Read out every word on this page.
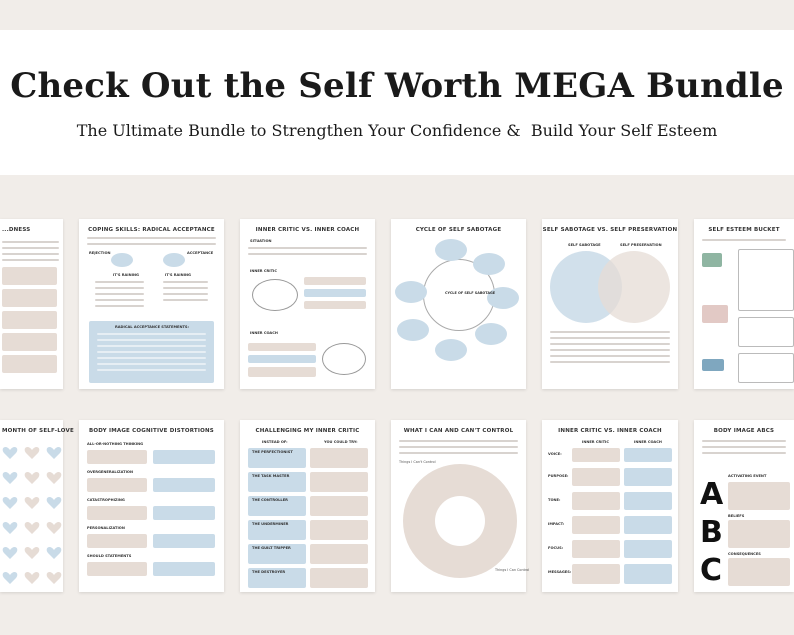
Check Out the Self Worth MEGA Bundle
The Ultimate Bundle to Strengthen Your Confidence &  Build Your Self Esteem
...DNESS	COPING SKILLS: RADICAL ACCEPTANCE
REJECTION	ACCEPTANCE
IT'S RAINING	IT'S RAINING
RADICAL ACCEPTANCE STATEMENTS:
INNER CRITIC VS. INNER COACH
SITUATION
INNER CRITIC
INNER COACH
CYCLE OF SELF SABOTAGE
CYCLE OF SELF SABOTAGE
SELF SABOTAGE VS. SELF PRESERVATION
SELF SABOTAGE	SELF PRESERVATION
SELF ESTEEM BUCKET
MONTH OF SELF-LOVE	BODY IMAGE COGNITIVE DISTORTIONS
ALL-OR-NOTHING THINKING
OVERGENERALIZATION
CATASTROPHIZING
PERSONALIZATION
SHOULD STATEMENTS
CHALLENGING MY INNER CRITIC
INSTEAD OF:	YOU COULD TRY:
THE PERFECTIONIST
THE TASK MASTER
THE CONTROLLER
THE UNDERMINER
THE GUILT TRIPPER
THE DESTROYER
WHAT I CAN AND CAN'T CONTROL
Things I Can't Control
Things I Can Control
INNER CRITIC VS. INNER COACH
INNER CRITIC	INNER COACH
VOICE:
PURPOSE:
TONE:
IMPACT:
FOCUS:
MESSAGES:
BODY IMAGE ABCS
ACTIVATING EVENT
A
BELIEFS
B
CONSEQUENCES
C
